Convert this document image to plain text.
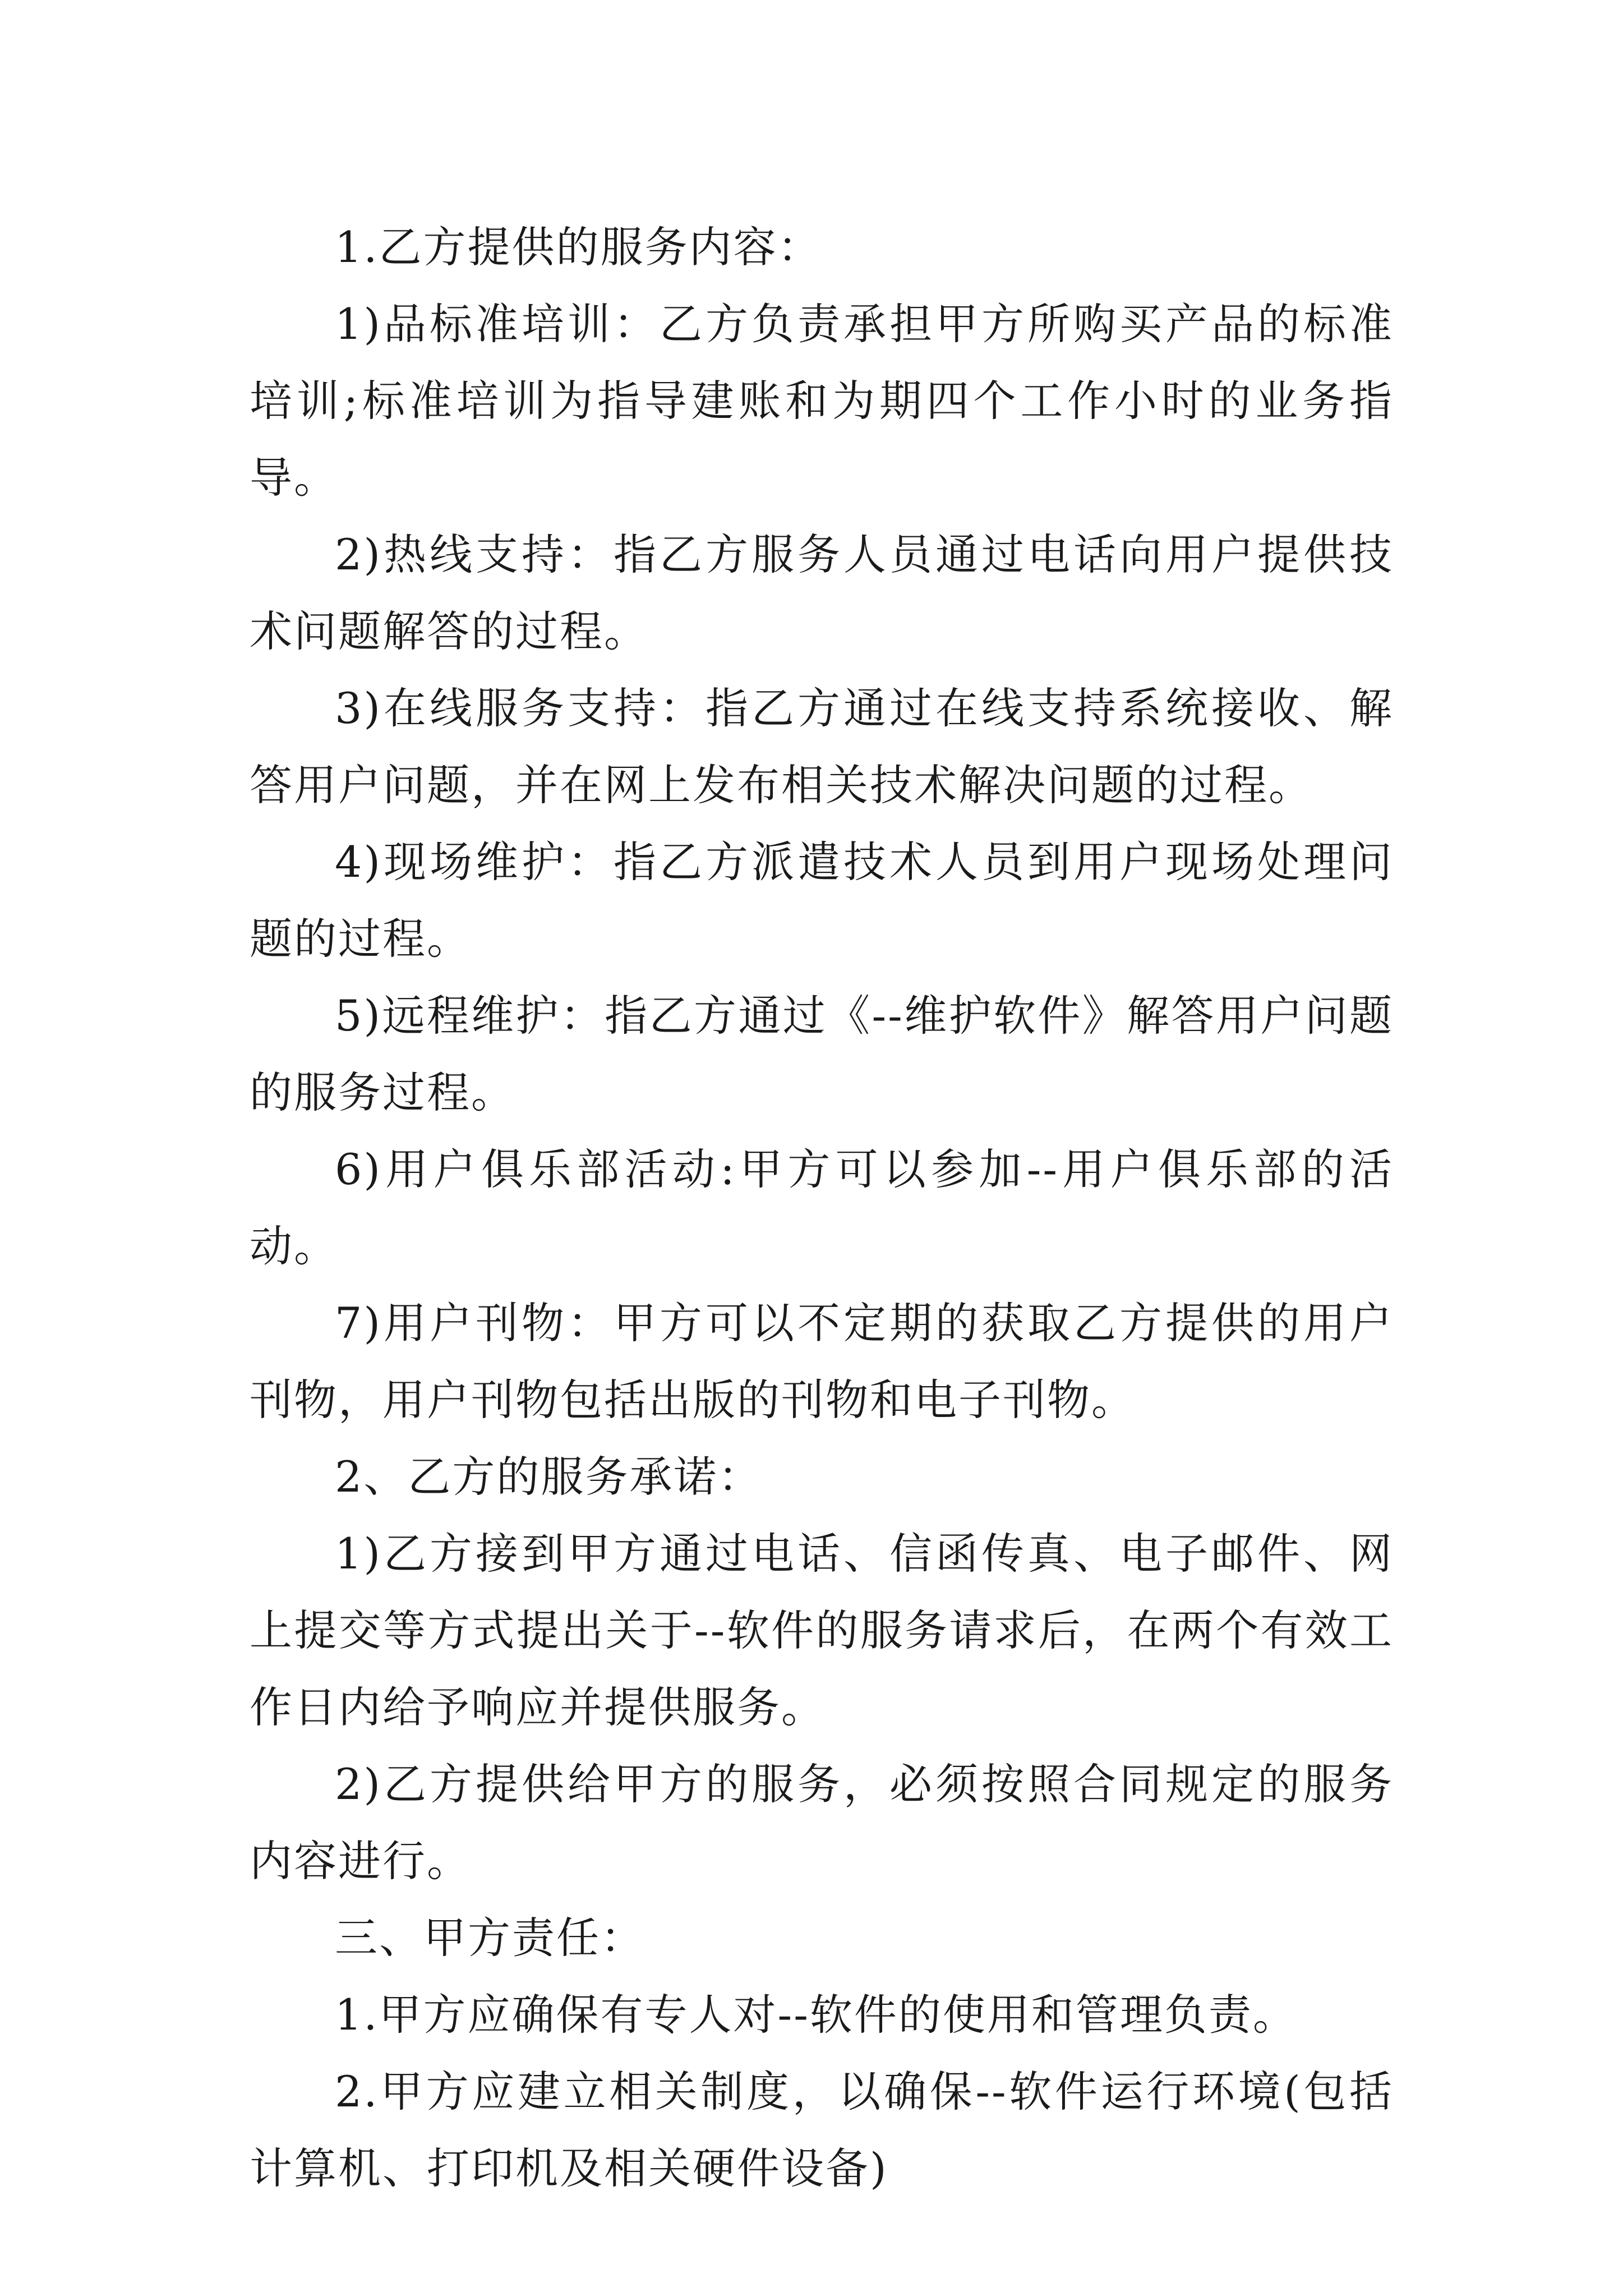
1.乙方提供的服务内容：

1)品标准培训：乙方负责承担甲方所购买产品的标准培训;标准培训为指导建账和为期四个工作小时的业务指导。

2)热线支持：指乙方服务人员通过电话向用户提供技术问题解答的过程。

3)在线服务支持：指乙方通过在线支持系统接收、解答用户问题，并在网上发布相关技术解决问题的过程。

4)现场维护：指乙方派遣技术人员到用户现场处理问题的过程。

5)远程维护：指乙方通过《--维护软件》解答用户问题的服务过程。

6)用户俱乐部活动:甲方可以参加--用户俱乐部的活动。

7)用户刊物：甲方可以不定期的获取乙方提供的用户刊物，用户刊物包括出版的刊物和电子刊物。

2、乙方的服务承诺：

1)乙方接到甲方通过电话、信函传真、电子邮件、网上提交等方式提出关于--软件的服务请求后，在两个有效工作日内给予响应并提供服务。

2)乙方提供给甲方的服务，必须按照合同规定的服务内容进行。

三、甲方责任：

1.甲方应确保有专人对--软件的使用和管理负责。

2.甲方应建立相关制度，以确保--软件运行环境(包括计算机、打印机及相关硬件设备)
